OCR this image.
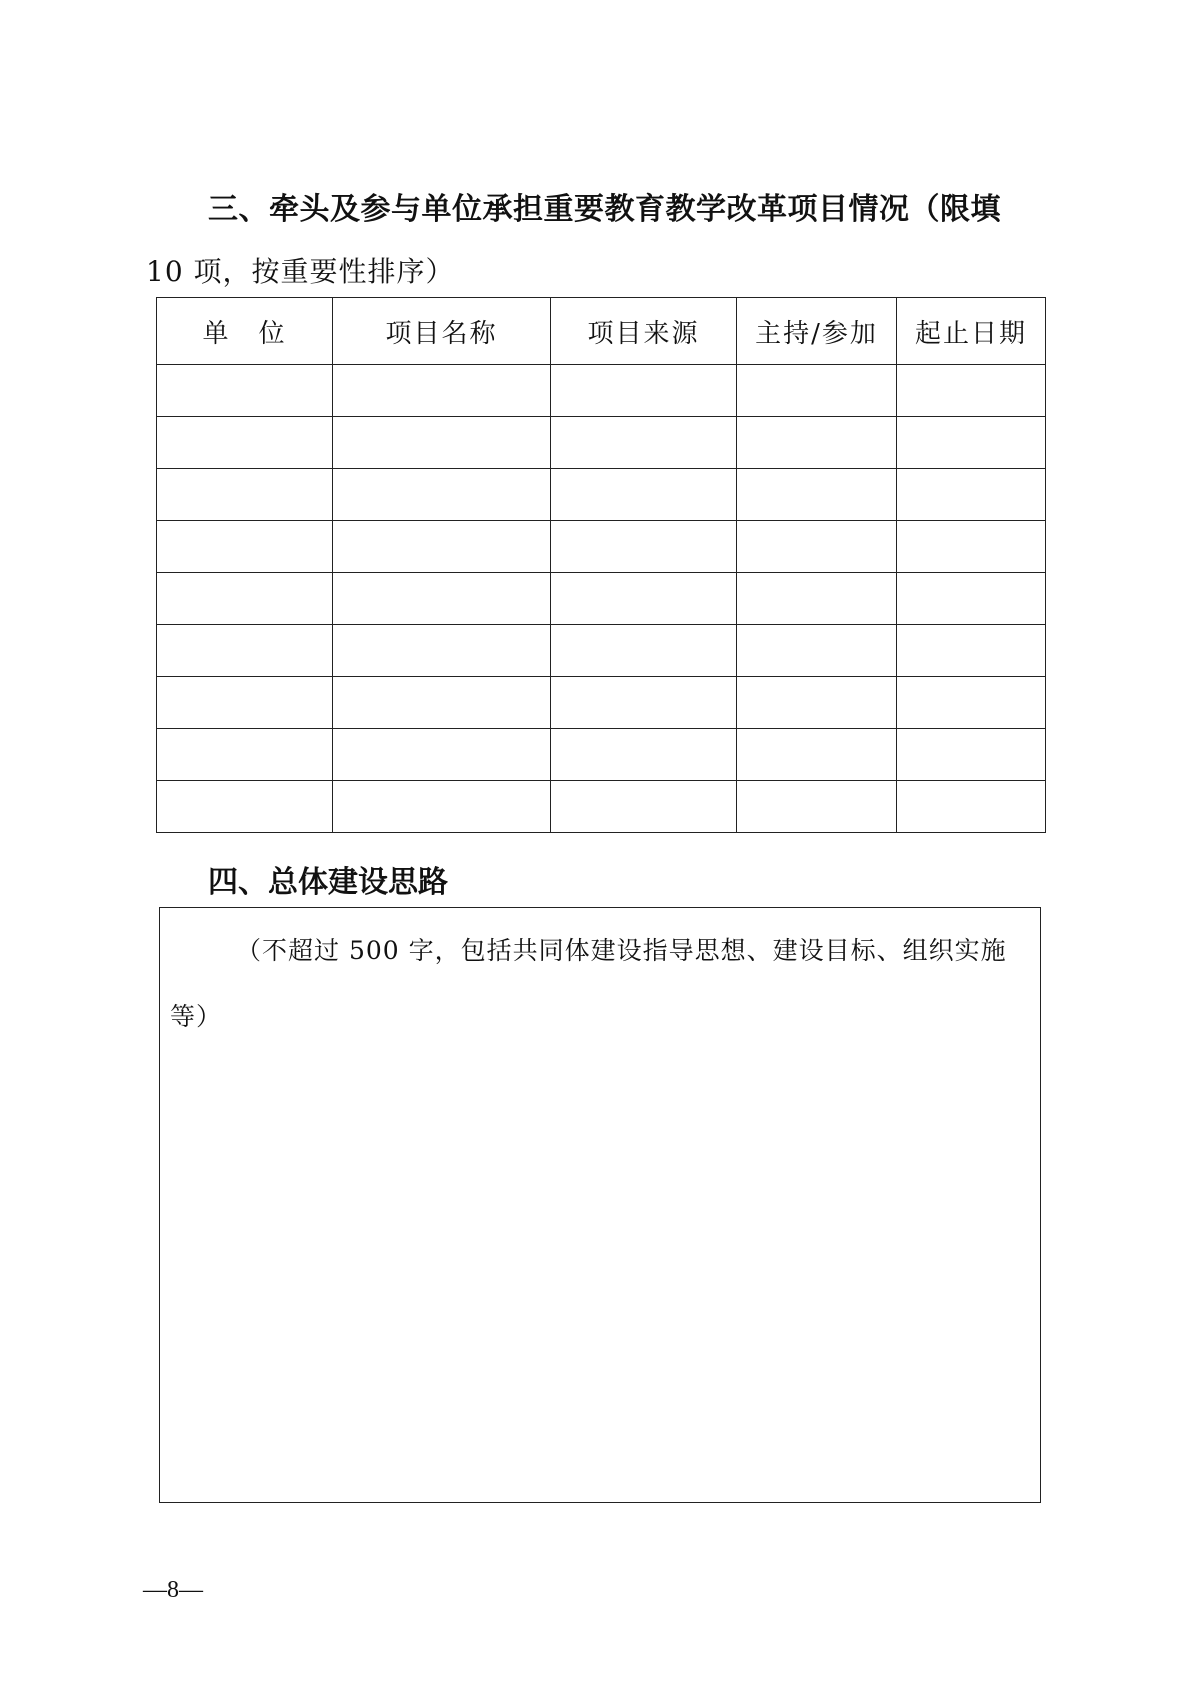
三、牵头及参与单位承担重要教育教学改革项目情况（限填

10 项，按重要性排序）

单　位	项目名称	项目来源	主持/参加	起止日期

四、总体建设思路

（不超过 500 字，包括共同体建设指导思想、建设目标、组织实施等）

—8—
